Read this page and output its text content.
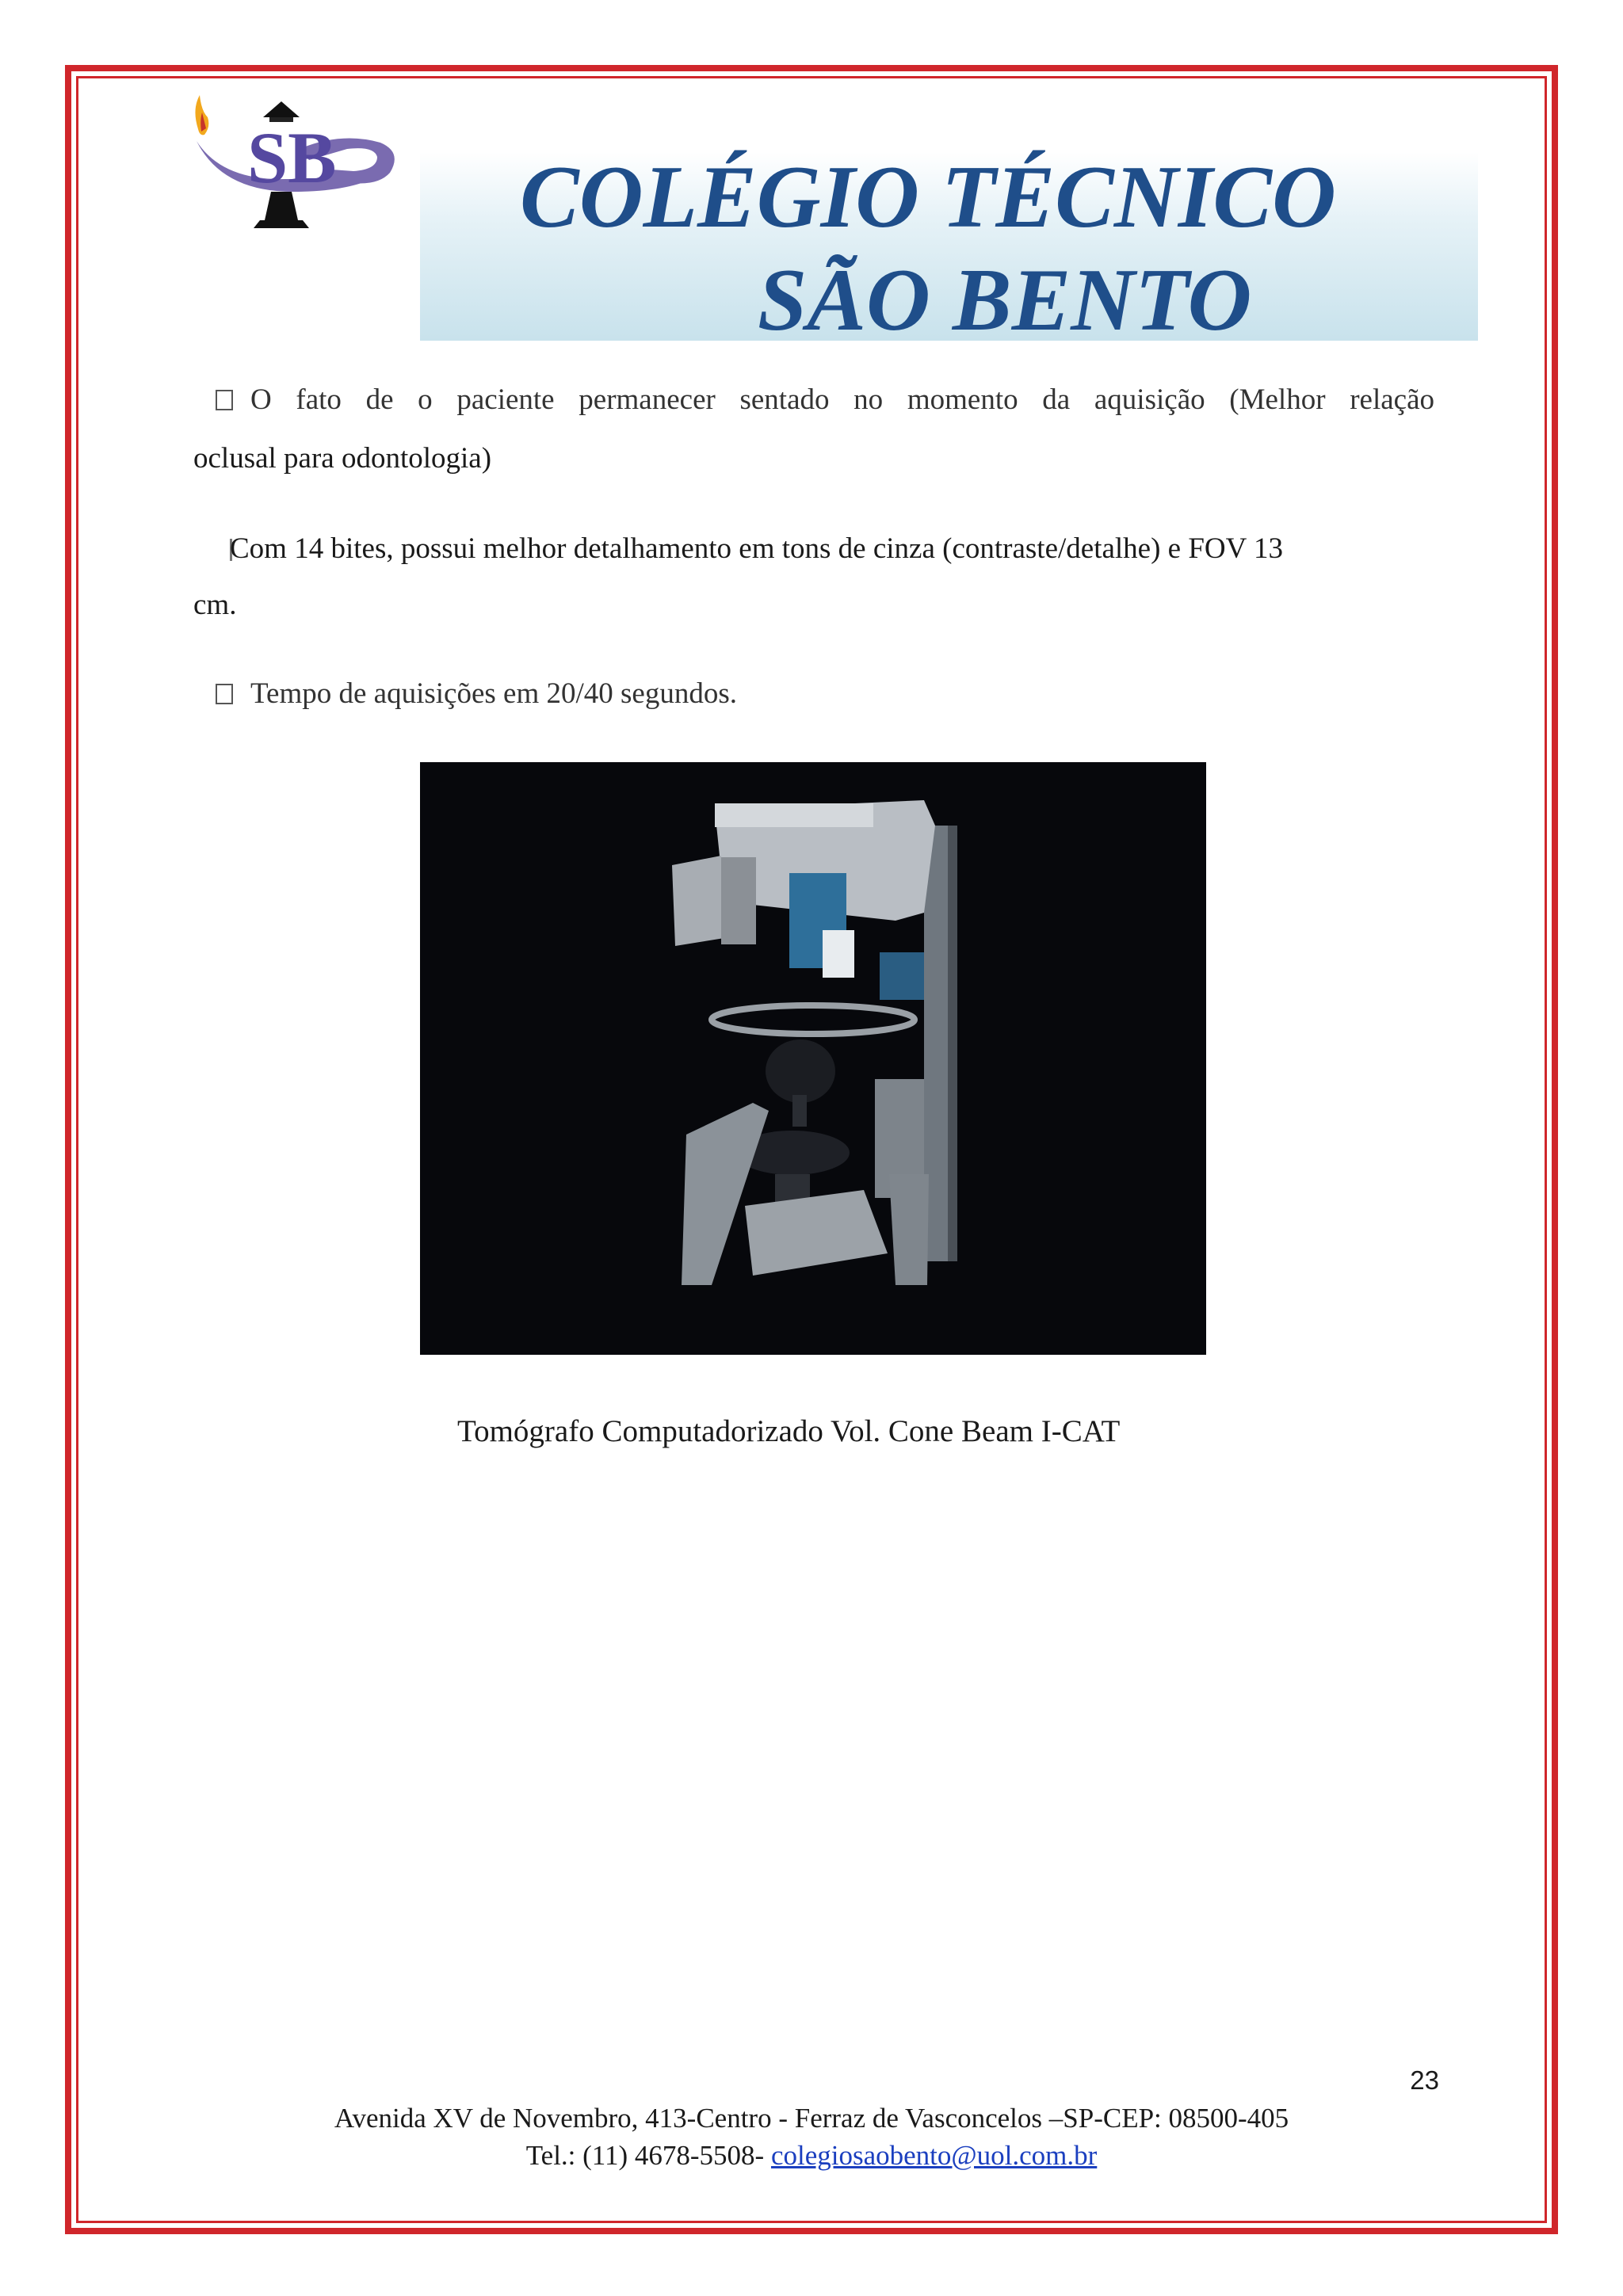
SB COLÉGIO TÉCNICO
SÃO BENTO

O fato de o paciente permanecer sentado no momento da aquisição (Melhor relação

oclusal para odontologia)

Com 14 bites, possui melhor detalhamento em tons de cinza (contraste/detalhe) e FOV 13

cm.

Tempo de aquisições em 20/40 segundos.

Tomógrafo Computadorizado Vol. Cone Beam I-CAT

23

Avenida XV de Novembro, 413-Centro - Ferraz de Vasconcelos –SP-CEP: 08500-405

Tel.: (11) 4678-5508- colegiosaobento@uol.com.br
